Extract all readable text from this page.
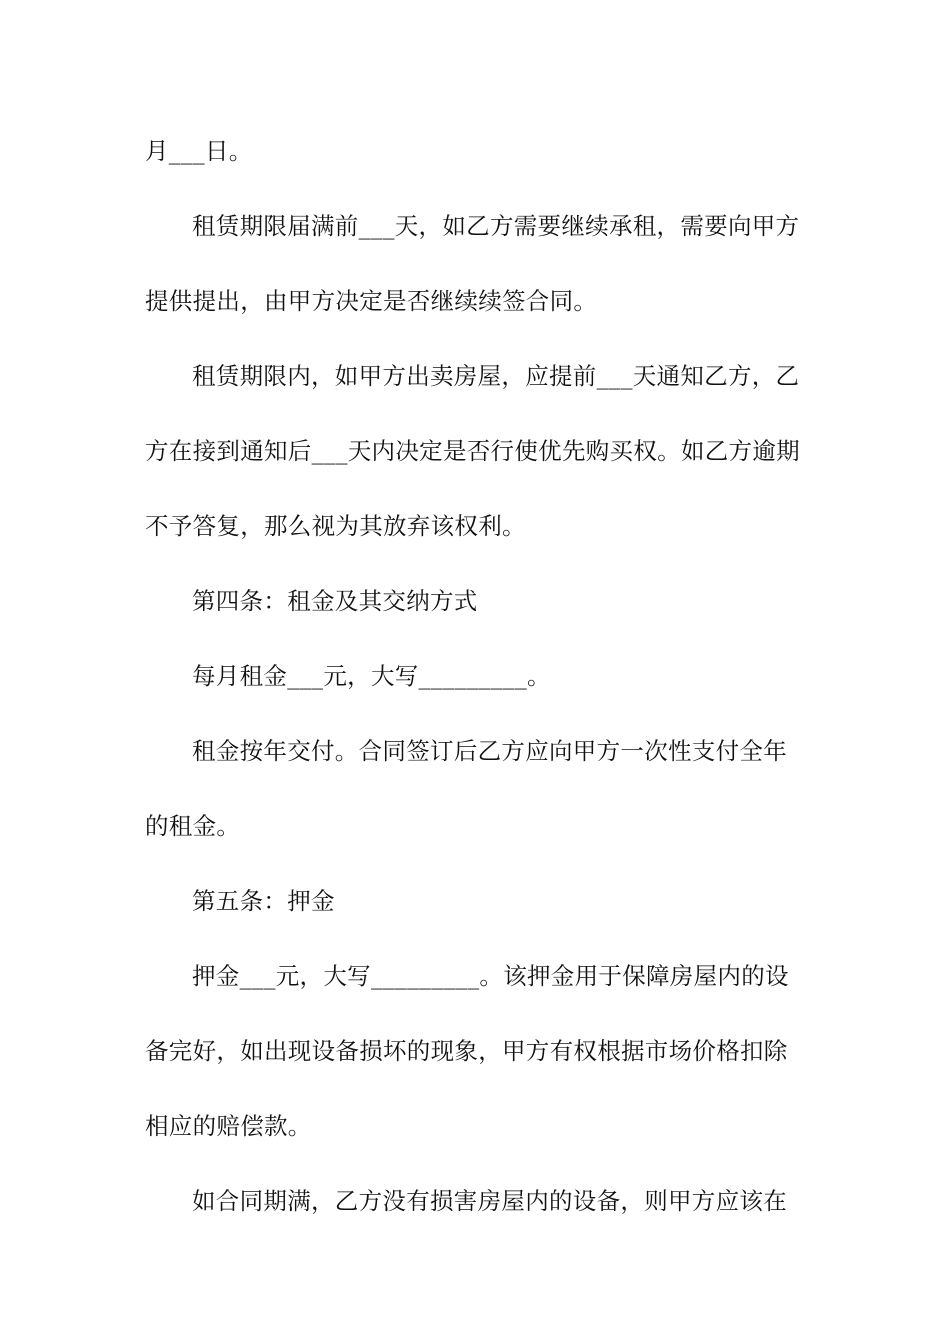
月___日。
租赁期限届满前___天，如乙方需要继续承租，需要向甲方
提供提出，由甲方决定是否继续续签合同。
租赁期限内，如甲方出卖房屋，应提前___天通知乙方，乙
方在接到通知后___天内决定是否行使优先购买权。如乙方逾期
不予答复，那么视为其放弃该权利。
第四条：租金及其交纳方式
每月租金___元，大写_________。
租金按年交付。合同签订后乙方应向甲方一次性支付全年
的租金。
第五条：押金
押金___元，大写_________。该押金用于保障房屋内的设
备完好，如出现设备损坏的现象，甲方有权根据市场价格扣除
相应的赔偿款。
如合同期满，乙方没有损害房屋内的设备，则甲方应该在
